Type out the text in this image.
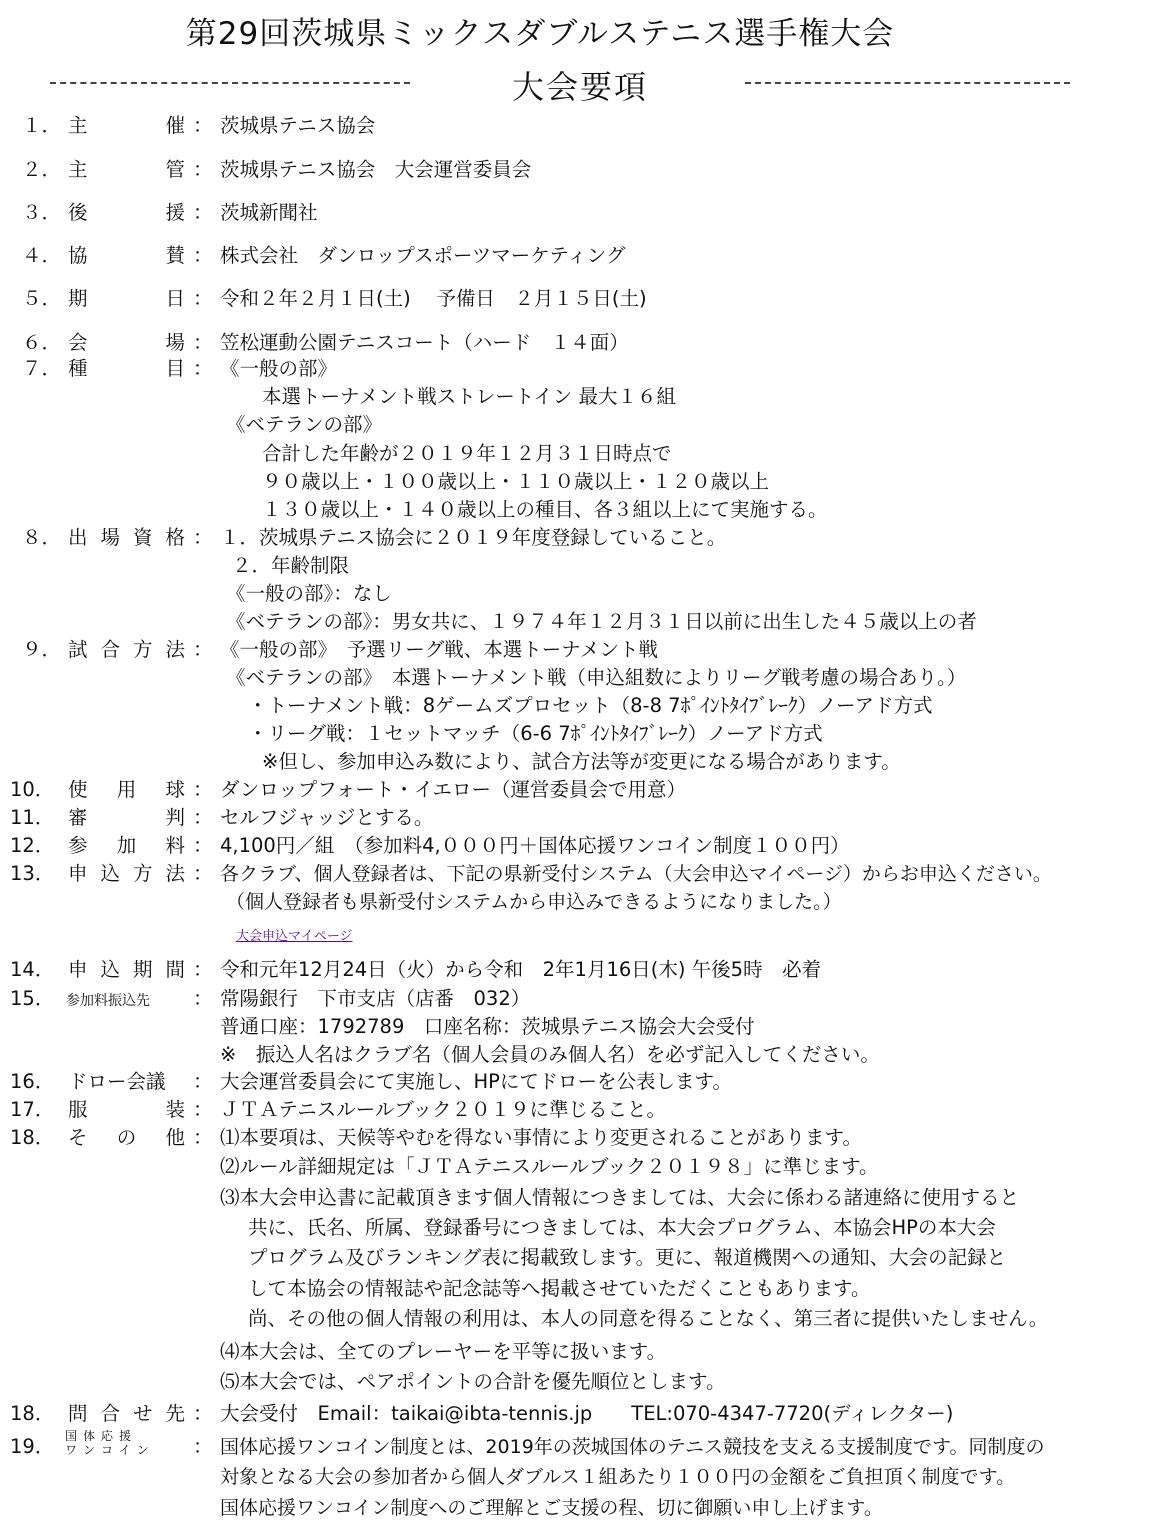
第29回茨城県ミックスダブルステニス選手権大会
大会要項
１． 主	催 ： 茨城県テニス協会
２． 主	管 ： 茨城県テニス協会　大会運営委員会
３． 後	援 ： 茨城新聞社
４． 協	賛 ： 株式会社　ダンロップスポーツマーケティング
５． 期	日 ： 令和２年２月１日(土)　 予備日　２月１５日(土)
６． 会	場 ： 笠松運動公園テニスコート（ハード　１４面）
７． 種	目 ： 《一般の部》
本選トーナメント戦ストレートイン 最大１６組
《ベテランの部》
合計した年齢が２０１９年１２月３１日時点で
９０歳以上・１００歳以上・１１０歳以上・１２０歳以上
１３０歳以上・１４０歳以上の種目、各３組以上にて実施する。
８． 出 場 資 格 ： １．茨城県テニス協会に２０１９年度登録していること。
２．年齢制限
《一般の部》：なし
《ベテランの部》：男女共に、１９７４年１２月３１日以前に出生した４５歳以上の者
９． 試 合 方 法 ： 《一般の部》　予選リーグ戦、本選トーナメント戦
《ベテランの部》　本選トーナメント戦（申込組数によりリーグ戦考慮の場合あり。）
・トーナメント戦：8ゲームズプロセット（8-8 7ﾎﾟｲﾝﾄﾀｲﾌﾞﾚｰｸ）ノーアド方式
・リーグ戦：１セットマッチ（6-6 7ﾎﾟｲﾝﾄﾀｲﾌﾞﾚｰｸ）ノーアド方式
※但し、参加申込み数により、試合方法等が変更になる場合があります。
10． 使 用 球 ： ダンロップフォート・イエロー（運営委員会で用意）
11． 審	判 ： セルフジャッジとする。
12． 参 加 料 ： 4,100円／組　（参加料4,０００円＋国体応援ワンコイン制度１００円）
13． 申 込 方 法 ： 各クラブ、個人登録者は、下記の県新受付システム（大会申込マイページ）からお申込ください。
（個人登録者も県新受付システムから申込みできるようになりました。）
大会申込マイページ
14． 申 込 期 間 ： 令和元年12月24日（火）から令和　2年1月16日(木) 午後5時　必着
15． 参加料振込先 ： 常陽銀行　下市支店（店番　032）
普通口座：1792789　口座名称：茨城県テニス協会大会受付
※　振込人名はクラブ名（個人会員のみ個人名）を必ず記入してください。
16． ドロー会議 ： 大会運営委員会にて実施し、HPにてドローを公表します。
17． 服	装 ： ＪＴＡテニスルールブック２０１９に準じること。
18． そ の 他 ： ⑴本要項は、天候等やむを得ない事情により変更されることがあります。
⑵ルール詳細規定は「ＪＴＡテニスルールブック２０１９８」に準じます。
⑶本大会申込書に記載頂きます個人情報につきましては、大会に係わる諸連絡に使用すると
共に、氏名、所属、登録番号につきましては、本大会プログラム、本協会HPの本大会
プログラム及びランキング表に掲載致します。更に、報道機関への通知、大会の記録と
して本協会の情報誌や記念誌等へ掲載させていただくこともあります。
尚、その他の個人情報の利用は、本人の同意を得ることなく、第三者に提供いたしません。
⑷本大会は、全てのプレーヤーを平等に扱います。
⑸本大会では、ペアポイントの合計を優先順位とします。
18． 問 合 せ 先 ： 大会受付　Email：taikai@ibta-tennis.jp　　TEL:070-4347-7720(ディレクター)
19． 国体応援
ワンコイン ： 国体応援ワンコイン制度とは、2019年の茨城国体のテニス競技を支える支援制度です。同制度の
対象となる大会の参加者から個人ダブルス１組あたり１００円の金額をご負担頂く制度です。
国体応援ワンコイン制度へのご理解とご支援の程、切に御願い申し上げます。
